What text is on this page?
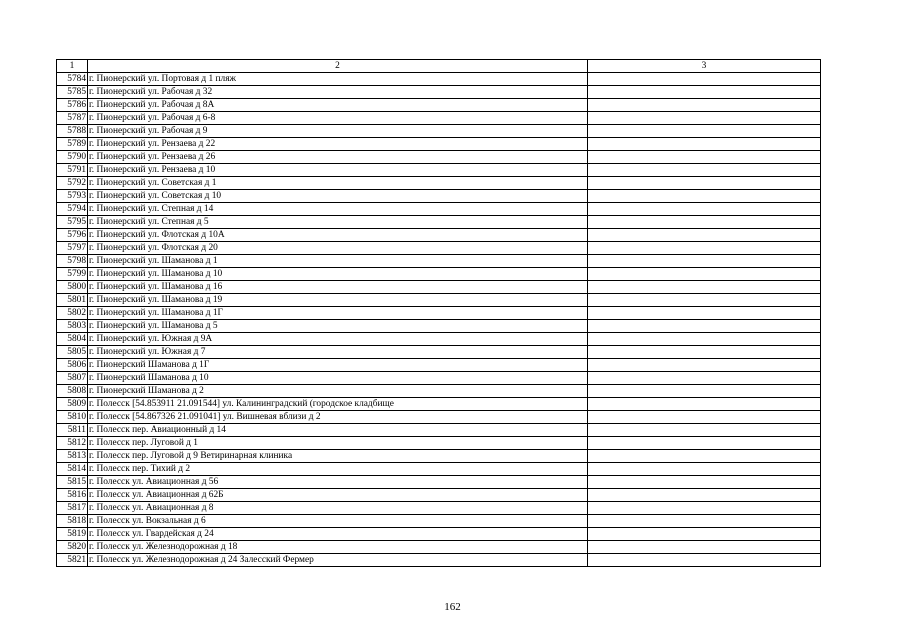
1	2	3
5784	г. Пионерский ул. Портовая д 1 пляж	
5785	г. Пионерский ул. Рабочая д 32	
5786	г. Пионерский ул. Рабочая д 8А	
5787	г. Пионерский ул. Рабочая д 6-8	
5788	г. Пионерский ул. Рабочая д 9	
5789	г. Пионерский ул. Рензаева д 22	
5790	г. Пионерский ул. Рензаева д 26	
5791	г. Пионерский ул. Рензаева д 10	
5792	г. Пионерский ул. Советская д 1	
5793	г. Пионерский ул. Советская д 10	
5794	г. Пионерский ул. Степная д 14	
5795	г. Пионерский ул. Степная д 5	
5796	г. Пионерский ул. Флотская д 10А	
5797	г. Пионерский ул. Флотская д 20	
5798	г. Пионерский ул. Шаманова д 1	
5799	г. Пионерский ул. Шаманова д 10	
5800	г. Пионерский ул. Шаманова д 16	
5801	г. Пионерский ул. Шаманова д 19	
5802	г. Пионерский ул. Шаманова д 1Г	
5803	г. Пионерский ул. Шаманова д 5	
5804	г. Пионерский ул. Южная д 9А	
5805	г. Пионерский ул. Южная д 7	
5806	г. Пионерский Шаманова д 1Г	
5807	г. Пионерский Шаманова д 10	
5808	г. Пионерский Шаманова д 2	
5809	г. Полесск [54.853911 21.091544] ул. Калининградский (городское кладбище	
5810	г. Полесск [54.867326 21.091041] ул. Вишневая вблизи д 2	
5811	г. Полесск пер. Авиационный д 14	
5812	г. Полесск пер. Луговой д 1	
5813	г. Полесск пер. Луговой д 9 Ветиринарная клиника	
5814	г. Полесск пер. Тихий д 2	
5815	г. Полесск ул. Авиационная д 56	
5816	г. Полесск ул. Авиационная д 62Б	
5817	г. Полесск ул. Авиационная д 8	
5818	г. Полесск ул. Вокзальная д 6	
5819	г. Полесск ул. Гвардейская д 24	
5820	г. Полесск ул. Железнодорожная д 18	
5821	г. Полесск ул. Железнодорожная д 24 Залесский Фермер	
162
